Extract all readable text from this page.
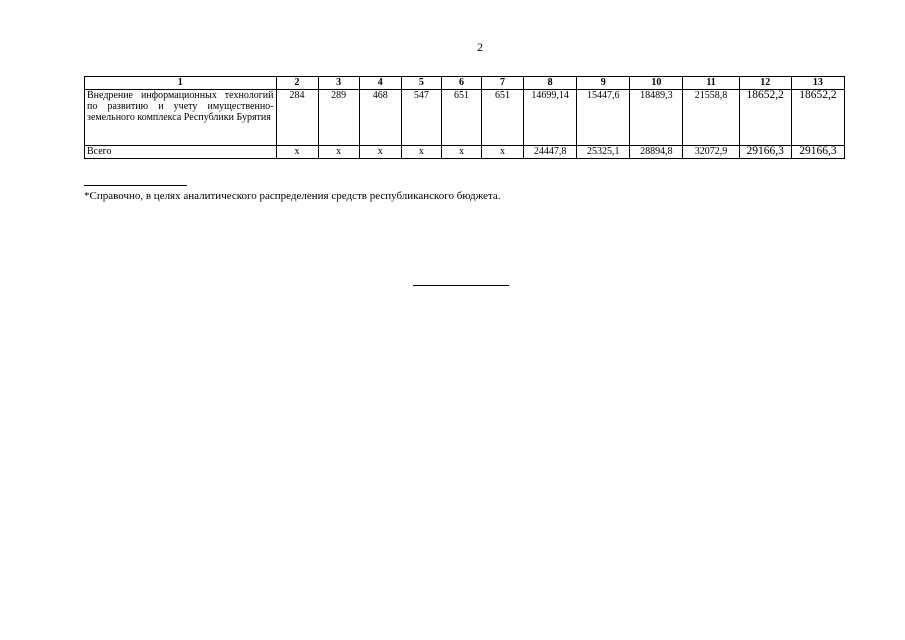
2
1	2	3	4	5	6	7	8	9	10	11	12	13
Внедрение информационных технологий по развитию и учету имущественно-земельного комплекса Республики Бурятия	284	289	468	547	651	651	14699,14	15447,6	18489,3	21558,8	18652,2	18652,2
Всего	х	х	х	х	х	х	24447,8	25325,1	28894,8	32072,9	29166,3	29166,3
*Справочно, в целях аналитического распределения средств республиканского бюджета.
